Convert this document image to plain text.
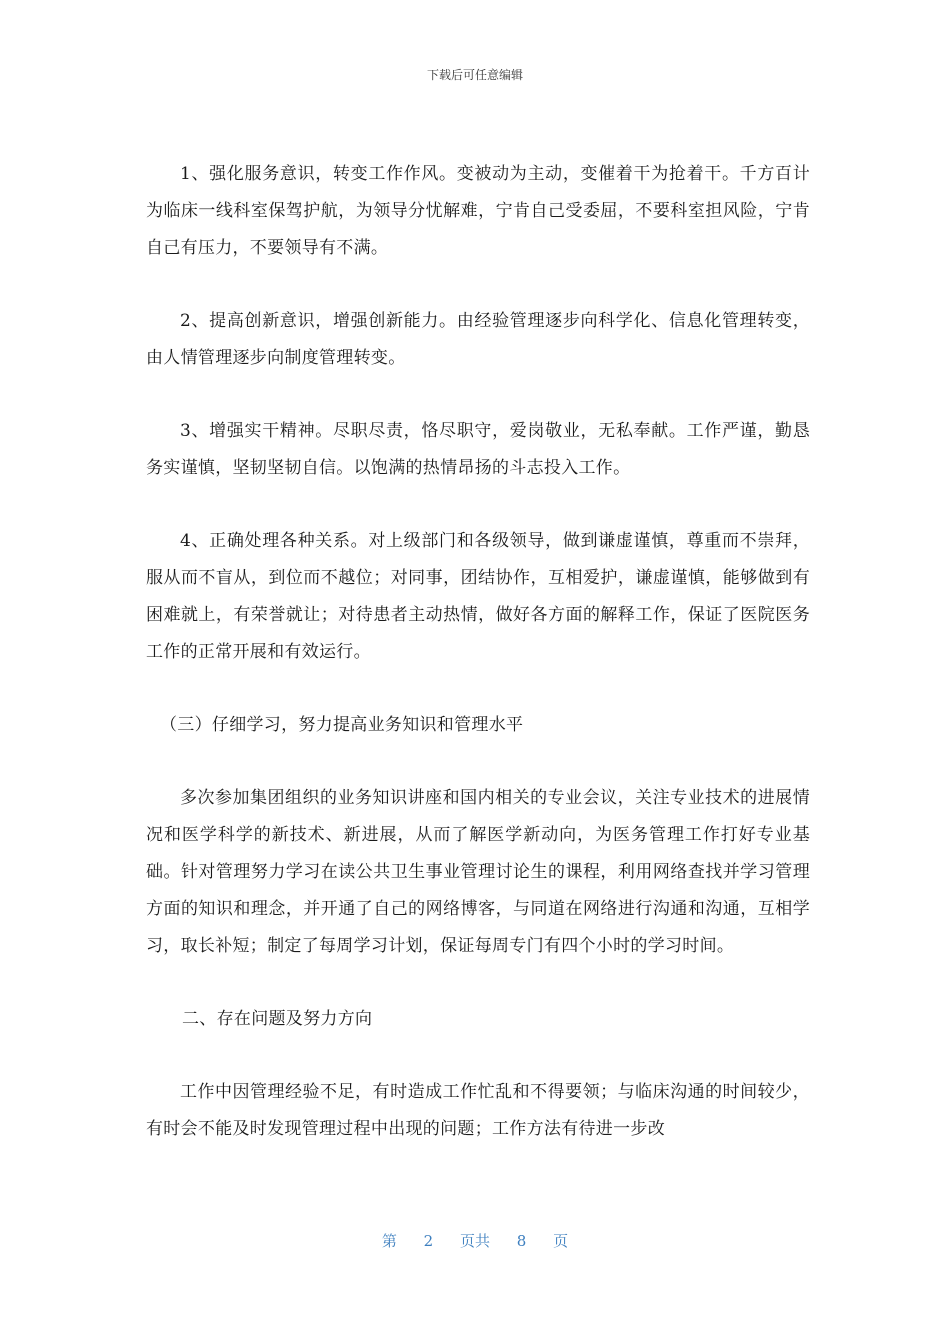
下载后可任意编辑

1、强化服务意识，转变工作作风。变被动为主动，变催着干为抢着干。千方百计为临床一线科室保驾护航，为领导分忧解难，宁肯自己受委屈，不要科室担风险，宁肯自己有压力，不要领导有不满。

2、提高创新意识，增强创新能力。由经验管理逐步向科学化、信息化管理转变，由人情管理逐步向制度管理转变。

3、增强实干精神。尽职尽责，恪尽职守，爱岗敬业，无私奉献。工作严谨，勤恳务实谨慎，坚韧坚韧自信。以饱满的热情昂扬的斗志投入工作。

4、正确处理各种关系。对上级部门和各级领导，做到谦虚谨慎，尊重而不崇拜，服从而不盲从，到位而不越位；对同事，团结协作，互相爱护，谦虚谨慎，能够做到有困难就上，有荣誉就让；对待患者主动热情，做好各方面的解释工作，保证了医院医务工作的正常开展和有效运行。

（三）仔细学习，努力提高业务知识和管理水平

多次参加集团组织的业务知识讲座和国内相关的专业会议，关注专业技术的进展情况和医学科学的新技术、新进展，从而了解医学新动向，为医务管理工作打好专业基础。针对管理努力学习在读公共卫生事业管理讨论生的课程，利用网络查找并学习管理方面的知识和理念，并开通了自己的网络博客，与同道在网络进行沟通和沟通，互相学习，取长补短；制定了每周学习计划，保证每周专门有四个小时的学习时间。

二、存在问题及努力方向

工作中因管理经验不足，有时造成工作忙乱和不得要领；与临床沟通的时间较少，有时会不能及时发现管理过程中出现的问题；工作方法有待进一步改

第 2 页共 8 页
